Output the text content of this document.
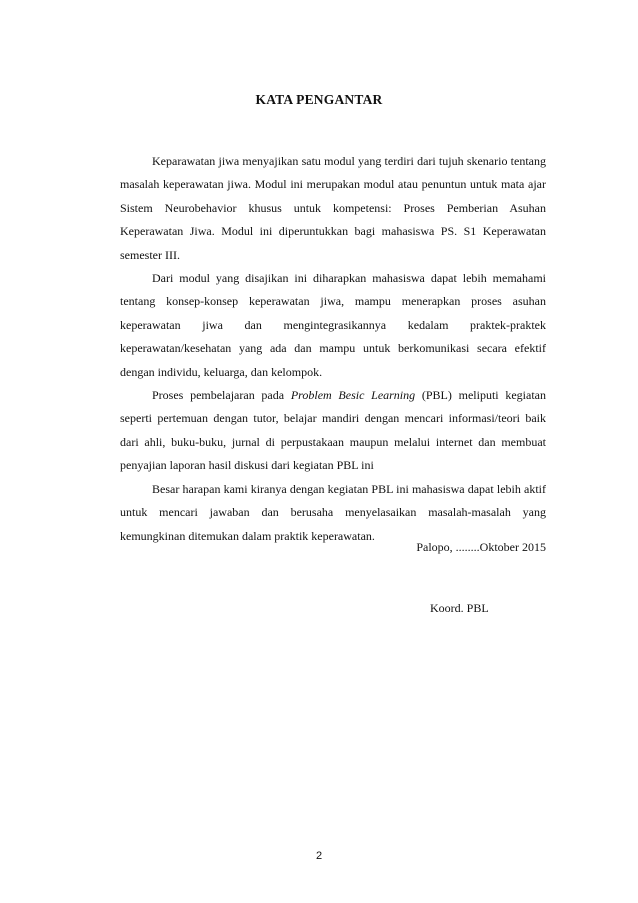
KATA PENGANTAR

Keparawatan jiwa menyajikan satu modul yang terdiri dari tujuh skenario tentang masalah keperawatan jiwa. Modul ini merupakan modul atau penuntun untuk mata ajar Sistem Neurobehavior khusus untuk kompetensi: Proses Pemberian Asuhan Keperawatan Jiwa. Modul ini diperuntukkan bagi mahasiswa PS. S1 Keperawatan semester III.

Dari modul yang disajikan ini diharapkan mahasiswa dapat lebih memahami tentang konsep-konsep keperawatan jiwa, mampu menerapkan proses asuhan keperawatan jiwa dan mengintegrasikannya kedalam praktek-praktek keperawatan/kesehatan yang ada dan mampu untuk berkomunikasi secara efektif dengan individu, keluarga, dan kelompok.

Proses pembelajaran pada Problem Besic Learning (PBL) meliputi kegiatan seperti pertemuan dengan tutor, belajar mandiri dengan mencari informasi/teori baik dari ahli, buku-buku, jurnal di perpustakaan maupun melalui internet dan membuat penyajian laporan hasil diskusi dari kegiatan PBL ini

Besar harapan kami kiranya dengan kegiatan PBL ini mahasiswa dapat lebih aktif untuk mencari jawaban dan berusaha menyelasaikan masalah-masalah yang kemungkinan ditemukan dalam praktik keperawatan.

Palopo, ........Oktober 2015
Koord. PBL
2
